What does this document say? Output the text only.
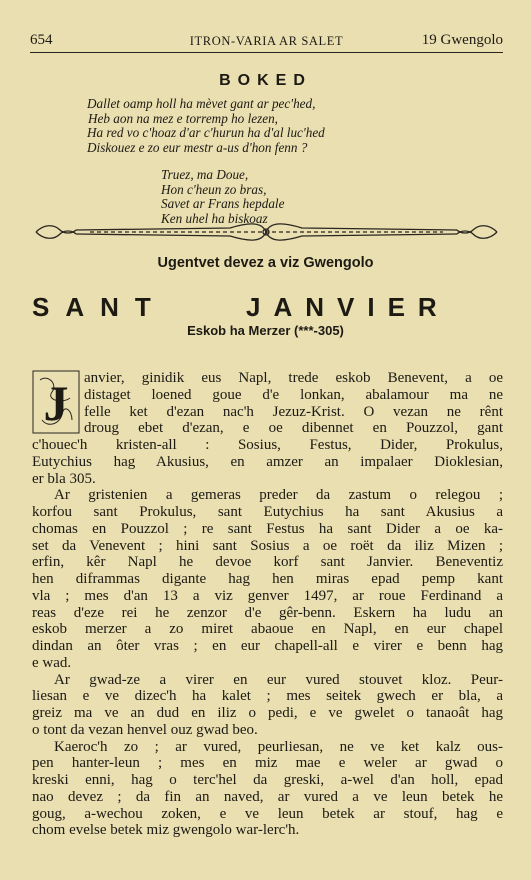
654	ITRON-VARIA AR SALET	19 Gwengolo
BOKED
Dallet oamp holl ha mèvet gant ar pec'hed,
Heb aon na mez e torremp ho lezen,
Ha red vo c'hoaz d'ar c'hurun ha d'al luc'hed
Diskouez e zo eur mestr a-us d'hon fenn ?
Truez, ma Doue,
Hon c'heun zo bras,
Savet ar Frans hepdale
Ken uhel ha biskoaz
Ugentvet devez a viz Gwengolo
SANT	JANVIER
Eskob ha Merzer (***-305)
J	anvier, ginidik eus Napl, trede eskob Benevent, a oe
distaget loened goue d'e lonkan, abalamour ma ne
felle ket d'ezan nac'h Jezuz-Krist. O vezan ne rênt
droug ebet d'ezan, e oe dibennet en Pouzzol, gant
c'houec'h kristen-all : Sosius, Festus, Dider, Prokulus,
Eutychius hag Akusius, en amzer an impalaer Dioklesian,
er bla 305.
Ar gristenien a gemeras preder da zastum o relegou ;
korfou sant Prokulus, sant Eutychius ha sant Akusius a
chomas en Pouzzol ; re sant Festus ha sant Dider a oe ka-
set da Venevent ; hini sant Sosius a oe roët da iliz Mizen ;
erfin, kêr Napl he devoe korf sant Janvier. Beneventiz
hen diframmas digante hag hen miras epad pemp kant
vla ; mes d'an 13 a viz genver 1497, ar roue Ferdinand a
reas d'eze rei he zenzor d'e gêr-benn. Eskern ha ludu an
eskob merzer a zo miret abaoue en Napl, en eur chapel
dindan an ôter vras ; en eur chapell-all e virer e benn hag
e wad.
Ar gwad-ze a virer en eur vured stouvet kloz. Peur-
liesan e ve dizec'h ha kalet ; mes seitek gwech er bla, a
greiz ma ve an dud en iliz o pedi, e ve gwelet o tanaoât hag
o tont da vezan henvel ouz gwad beo.
Kaeroc'h zo ; ar vured, peurliesan, ne ve ket kalz ous-
pen hanter-leun ; mes en miz mae e weler ar gwad o
kreski enni, hag o terc'hel da greski, a-wel d'an holl, epad
nao devez ; da fin an naved, ar vured a ve leun betek he
goug, a-wechou zoken, e ve leun betek ar stouf, hag e
chom evelse betek miz gwengolo war-lerc'h.
